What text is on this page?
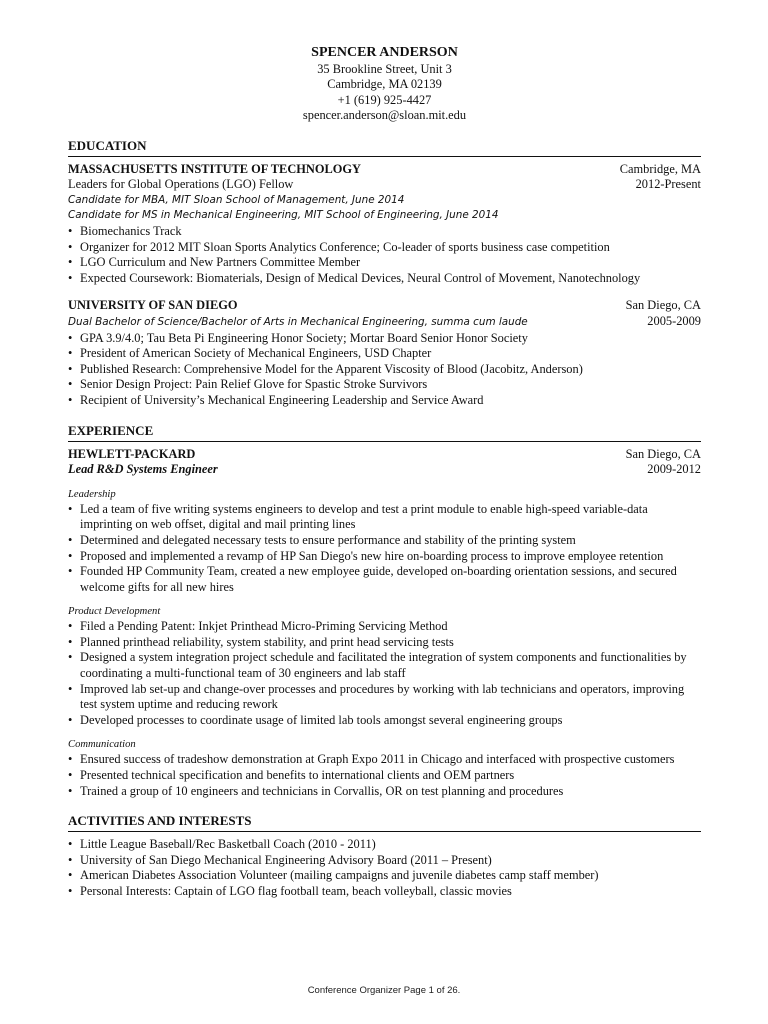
SPENCER ANDERSON
35 Brookline Street, Unit 3
Cambridge, MA 02139
+1 (619) 925-4427
spencer.anderson@sloan.mit.edu
EDUCATION
MASSACHUSETTS INSTITUTE OF TECHNOLOGY	Cambridge, MA
Leaders for Global Operations (LGO) Fellow	2012-Present
Candidate for MBA, MIT Sloan School of Management, June 2014
Candidate for MS in Mechanical Engineering, MIT School of Engineering, June 2014
• Biomechanics Track
• Organizer for 2012 MIT Sloan Sports Analytics Conference; Co-leader of sports business case competition
• LGO Curriculum and New Partners Committee Member
• Expected Coursework: Biomaterials, Design of Medical Devices, Neural Control of Movement, Nanotechnology
UNIVERSITY OF SAN DIEGO	San Diego, CA
Dual Bachelor of Science/Bachelor of Arts in Mechanical Engineering, summa cum laude	2005-2009
• GPA 3.9/4.0; Tau Beta Pi Engineering Honor Society; Mortar Board Senior Honor Society
• President of American Society of Mechanical Engineers, USD Chapter
• Published Research: Comprehensive Model for the Apparent Viscosity of Blood (Jacobitz, Anderson)
• Senior Design Project: Pain Relief Glove for Spastic Stroke Survivors
• Recipient of University’s Mechanical Engineering Leadership and Service Award
EXPERIENCE
HEWLETT-PACKARD	San Diego, CA
Lead R&D Systems Engineer	2009-2012
Leadership
• Led a team of five writing systems engineers to develop and test a print module to enable high-speed variable-data imprinting on web offset, digital and mail printing lines
• Determined and delegated necessary tests to ensure performance and stability of the printing system
• Proposed and implemented a revamp of HP San Diego's new hire on-boarding process to improve employee retention
• Founded HP Community Team, created a new employee guide, developed on-boarding orientation sessions, and secured welcome gifts for all new hires
Product Development
• Filed a Pending Patent: Inkjet Printhead Micro-Priming Servicing Method
• Planned printhead reliability, system stability, and print head servicing tests
• Designed a system integration project schedule and facilitated the integration of system components and functionalities by coordinating a multi-functional team of 30 engineers and lab staff
• Improved lab set-up and change-over processes and procedures by working with lab technicians and operators, improving test system uptime and reducing rework
• Developed processes to coordinate usage of limited lab tools amongst several engineering groups
Communication
• Ensured success of tradeshow demonstration at Graph Expo 2011 in Chicago and interfaced with prospective customers
• Presented technical specification and benefits to international clients and OEM partners
• Trained a group of 10 engineers and technicians in Corvallis, OR on test planning and procedures
ACTIVITIES AND INTERESTS
• Little League Baseball/Rec Basketball Coach (2010 - 2011)
• University of San Diego Mechanical Engineering Advisory Board (2011 – Present)
• American Diabetes Association Volunteer (mailing campaigns and juvenile diabetes camp staff member)
• Personal Interests: Captain of LGO flag football team, beach volleyball, classic movies
Conference Organizer Page 1 of 26.
